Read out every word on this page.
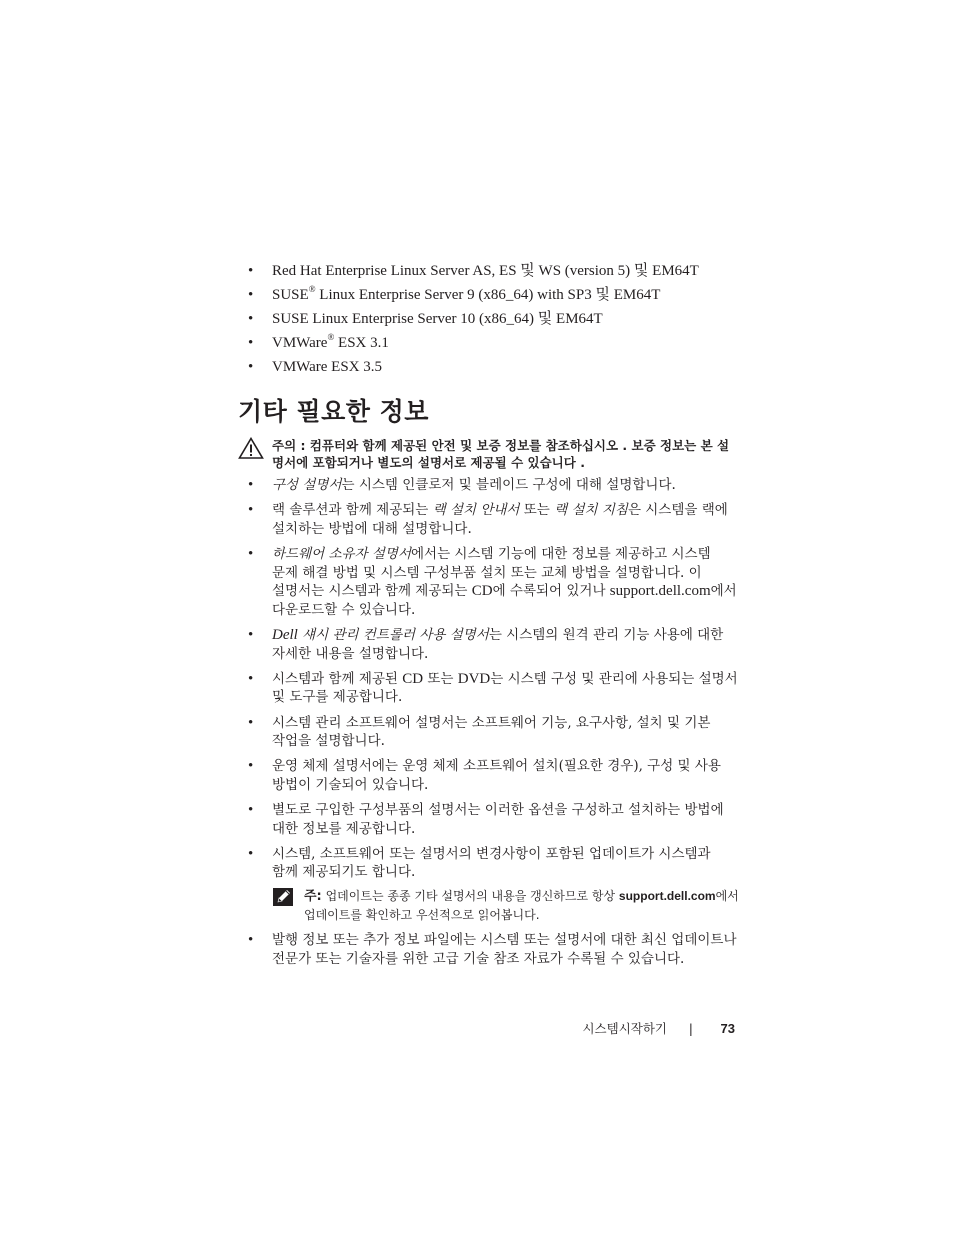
• Red Hat Enterprise Linux Server AS, ES 및 WS (version 5) 및 EM64T
• SUSE® Linux Enterprise Server 9 (x86_64) with SP3 및 EM64T
• SUSE Linux Enterprise Server 10 (x86_64) 및 EM64T
• VMWare® ESX 3.1
• VMWare ESX 3.5
기타 필요한 정보
주의 : 컴퓨터와 함께 제공된 안전 및 보증 정보를 참조하십시오 . 보증 정보는 본 설명서에 포함되거나 별도의 설명서로 제공될 수 있습니다 .
• 구성 설명서는 시스템 인클로저 및 블레이드 구성에 대해 설명합니다.
• 랙 솔루션과 함께 제공되는 랙 설치 안내서 또는 랙 설치 지침은 시스템을 랙에 설치하는 방법에 대해 설명합니다.
• 하드웨어 소유자 설명서에서는 시스템 기능에 대한 정보를 제공하고 시스템 문제 해결 방법 및 시스템 구성부품 설치 또는 교체 방법을 설명합니다. 이 설명서는 시스템과 함께 제공되는 CD에 수록되어 있거나 support.dell.com에서 다운로드할 수 있습니다.
• Dell 섀시 관리 컨트롤러 사용 설명서는 시스템의 원격 관리 기능 사용에 대한 자세한 내용을 설명합니다.
• 시스템과 함께 제공된 CD 또는 DVD는 시스템 구성 및 관리에 사용되는 설명서 및 도구를 제공합니다.
• 시스템 관리 소프트웨어 설명서는 소프트웨어 기능, 요구사항, 설치 및 기본 작업을 설명합니다.
• 운영 체제 설명서에는 운영 체제 소프트웨어 설치(필요한 경우), 구성 및 사용 방법이 기술되어 있습니다.
• 별도로 구입한 구성부품의 설명서는 이러한 옵션을 구성하고 설치하는 방법에 대한 정보를 제공합니다.
• 시스템, 소프트웨어 또는 설명서의 변경사항이 포함된 업데이트가 시스템과 함께 제공되기도 합니다.
주: 업데이트는 종종 기타 설명서의 내용을 갱신하므로 항상 support.dell.com에서 업데이트를 확인하고 우선적으로 읽어봅니다.
• 발행 정보 또는 추가 정보 파일에는 시스템 또는 설명서에 대한 최신 업데이트나 전문가 또는 기술자를 위한 고급 기술 참조 자료가 수록될 수 있습니다.
시스템시작하기 | 73
